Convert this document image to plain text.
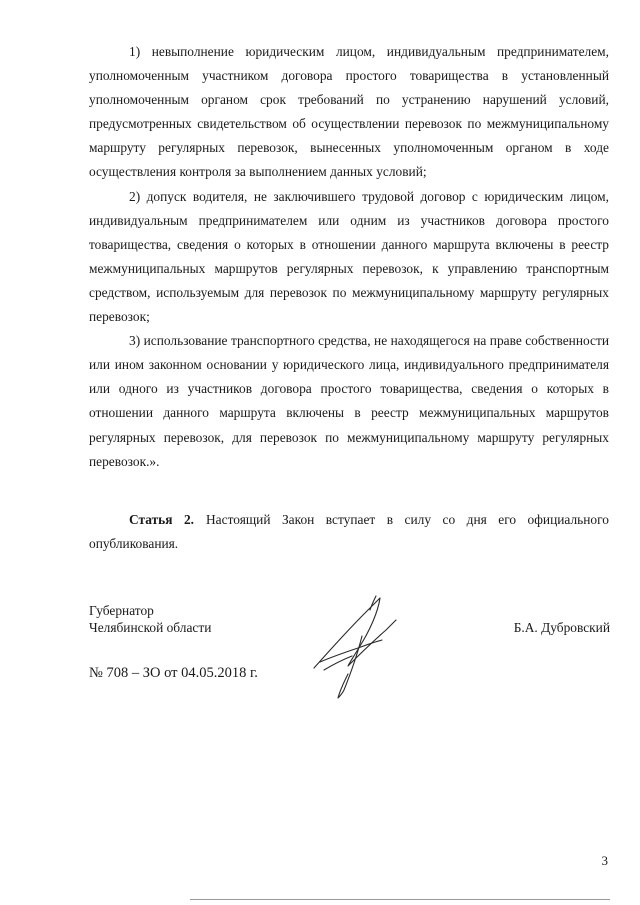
1) невыполнение юридическим лицом, индивидуальным предпринимателем, уполномоченным участником договора простого товарищества в установленный уполномоченным органом срок требований по устранению нарушений условий, предусмотренных свидетельством об осуществлении перевозок по межмуниципальному маршруту регулярных перевозок, вынесенных уполномоченным органом в ходе осуществления контроля за выполнением данных условий;

2) допуск водителя, не заключившего трудовой договор с юридическим лицом, индивидуальным предпринимателем или одним из участников договора простого товарищества, сведения о которых в отношении данного маршрута включены в реестр межмуниципальных маршрутов регулярных перевозок, к управлению транспортным средством, используемым для перевозок по межмуниципальному маршруту регулярных перевозок;

3) использование транспортного средства, не находящегося на праве собственности или ином законном основании у юридического лица, индивидуального предпринимателя или одного из участников договора простого товарищества, сведения о которых в отношении данного маршрута включены в реестр межмуниципальных маршрутов регулярных перевозок, для перевозок по межмуниципальному маршруту регулярных перевозок.».

Статья 2. Настоящий Закон вступает в силу со дня его официального опубликования.

Губернатор
Челябинской области	Б.А. Дубровский
№ 708 – ЗО от 04.05.2018 г.
3
